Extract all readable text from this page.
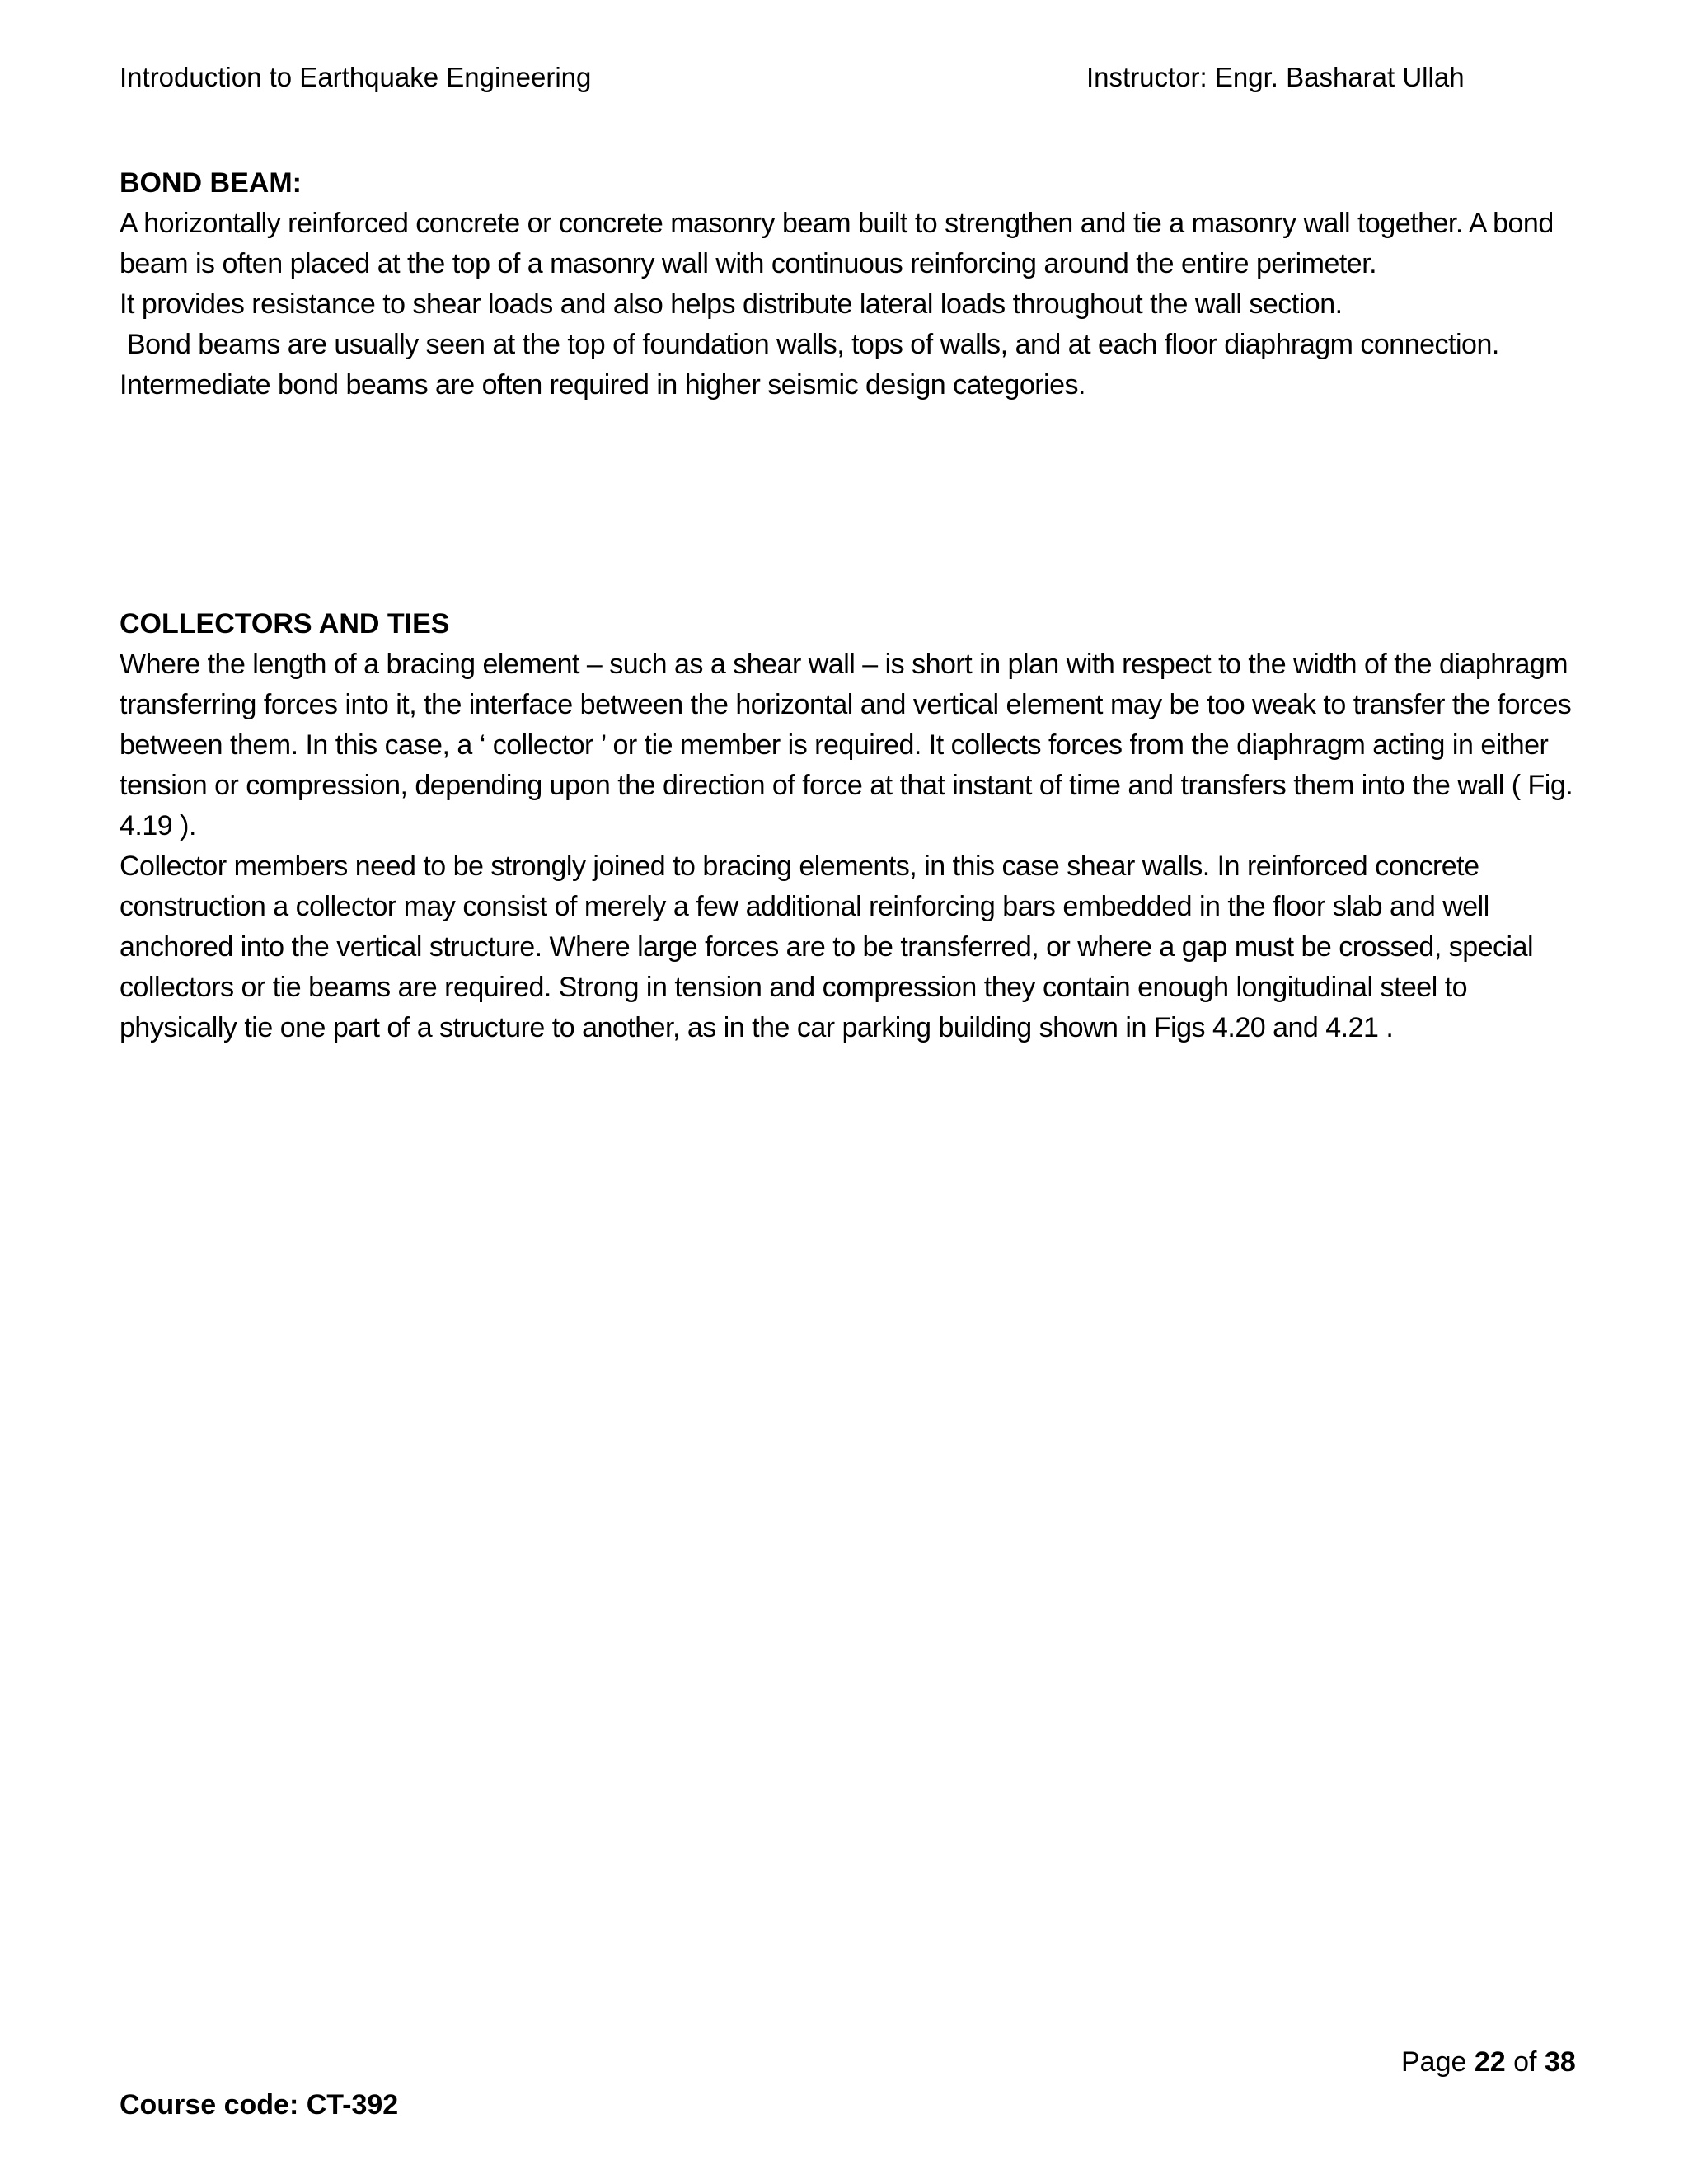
Introduction to Earthquake Engineering	Instructor: Engr. Basharat Ullah

BOND BEAM:

A horizontally reinforced concrete or concrete masonry beam built to strengthen and tie a masonry wall together. A bond beam is often placed at the top of a masonry wall with continuous reinforcing around the entire perimeter.

It provides resistance to shear loads and also helps distribute lateral loads throughout the wall section.

Bond beams are usually seen at the top of foundation walls, tops of walls, and at each floor diaphragm connection. Intermediate bond beams are often required in higher seismic design categories.

COLLECTORS AND TIES

Where the length of a bracing element – such as a shear wall – is short in plan with respect to the width of the diaphragm transferring forces into it, the interface between the horizontal and vertical element may be too weak to transfer the forces between them. In this case, a ‘ collector ’ or tie member is required. It collects forces from the diaphragm acting in either tension or compression, depending upon the direction of force at that instant of time and transfers them into the wall ( Fig. 4.19 ).

Collector members need to be strongly joined to bracing elements, in this case shear walls. In reinforced concrete construction a collector may consist of merely a few additional reinforcing bars embedded in the floor slab and well anchored into the vertical structure. Where large forces are to be transferred, or where a gap must be crossed, special collectors or tie beams are required. Strong in tension and compression they contain enough longitudinal steel to physically tie one part of a structure to another, as in the car parking building shown in Figs 4.20 and 4.21 .

Page 22 of 38
Course code: CT-392
